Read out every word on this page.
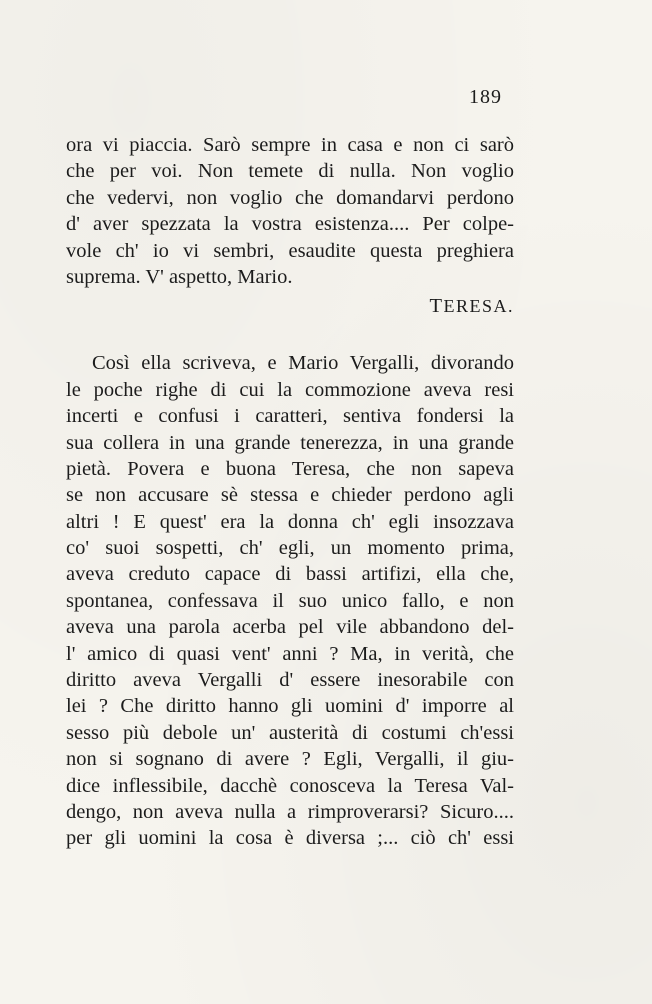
189
ora vi piaccia. Sarò sempre in casa e non ci sarò
che per voi. Non temete di nulla. Non voglio
che vedervi, non voglio che domandarvi perdono
d' aver spezzata la vostra esistenza.... Per colpe-
vole ch' io vi sembri, esaudite questa preghiera
suprema. V' aspetto, Mario.
TERESA.
Così ella scriveva, e Mario Vergalli, divorando
le poche righe di cui la commozione aveva resi
incerti e confusi i caratteri, sentiva fondersi la
sua collera in una grande tenerezza, in una grande
pietà. Povera e buona Teresa, che non sapeva
se non accusare sè stessa e chieder perdono agli
altri ! E quest' era la donna ch' egli insozzava
co' suoi sospetti, ch' egli, un momento prima,
aveva creduto capace di bassi artifizi, ella che,
spontanea, confessava il suo unico fallo, e non
aveva una parola acerba pel vile abbandono del-
l' amico di quasi vent' anni ? Ma, in verità, che
diritto aveva Vergalli d' essere inesorabile con
lei ? Che diritto hanno gli uomini d' imporre al
sesso più debole un' austerità di costumi ch'essi
non si sognano di avere ? Egli, Vergalli, il giu-
dice inflessibile, dacchè conosceva la Teresa Val-
dengo, non aveva nulla a rimproverarsi? Sicuro....
per gli uomini la cosa è diversa ;... ciò ch' essi
